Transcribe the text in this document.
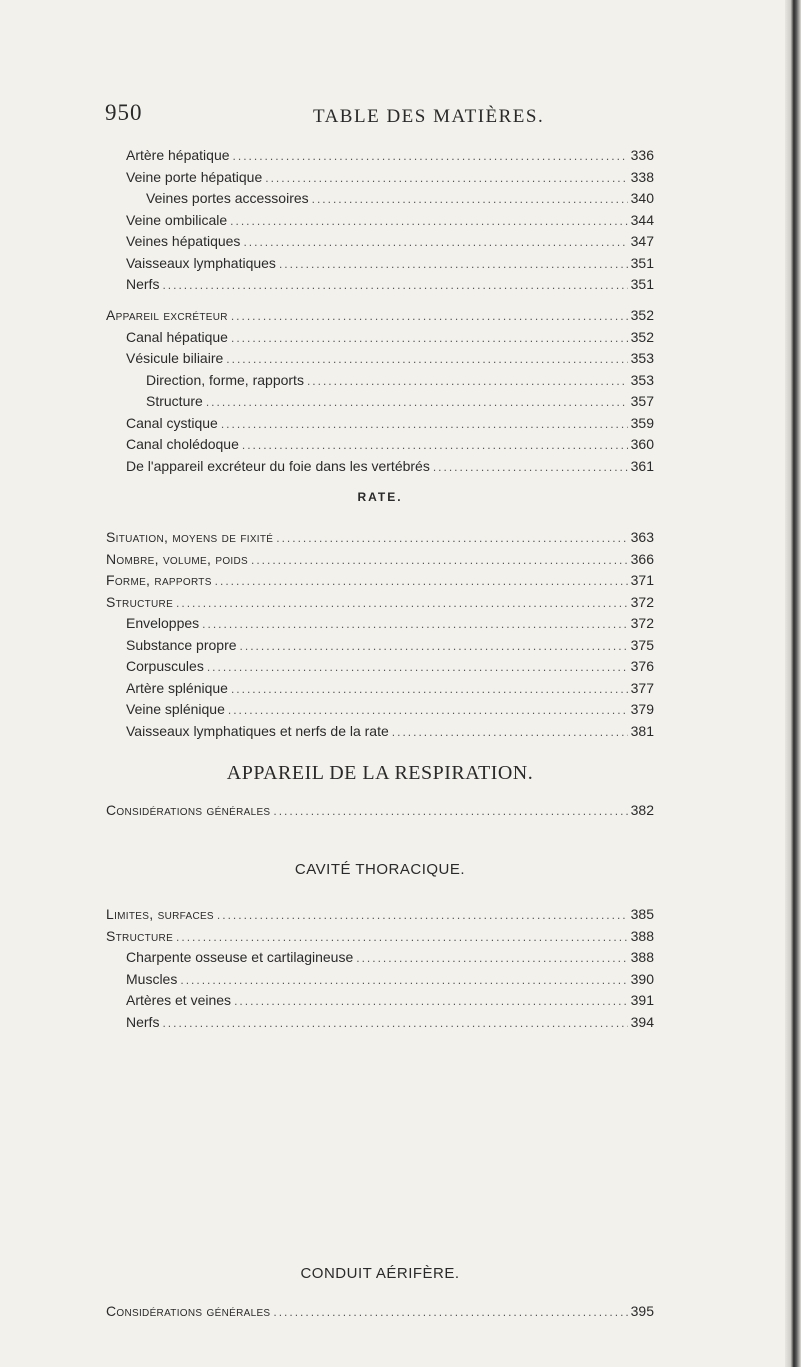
950	TABLE DES MATIÈRES.
Artère hépatique .....	336
Veine porte hépatique .....	338
Veines portes accessoires .....	340
Veine ombilicale .....	344
Veines hépatiques .....	347
Vaisseaux lymphatiques .....	351
Nerfs .....	351
Appareil excréteur .....	352
Canal hépatique .....	352
Vésicule biliaire .....	353
Direction, forme, rapports .....	353
Structure .....	357
Canal cystique .....	359
Canal cholédoque .....	360
De l'appareil excréteur du foie dans les vertébrés .....	361
Situation, moyens de fixité .....	363
Nombre, volume, poids .....	366
Forme, rapports .....	371
Structure .....	372
Enveloppes .....	372
Substance propre .....	375
Corpuscules .....	376
Artère splénique .....	377
Veine splénique .....	379
Vaisseaux lymphatiques et nerfs de la rate .....	381
Considérations générales .....	382
Limites, surfaces .....	385
Structure .....	388
Charpente osseuse et cartilagineuse .....	388
Muscles .....	390
Artères et veines .....	391
Nerfs .....	394
Considérations générales .....	395
RATE.
APPAREIL DE LA RESPIRATION.
CAVITÉ THORACIQUE.
CONDUIT AÉRIFÈRE.
